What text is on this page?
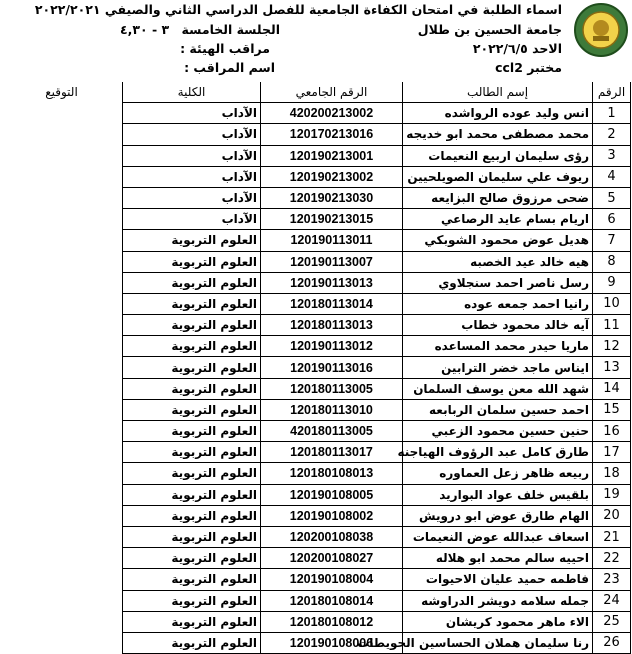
اسماء الطلبة في امتحان الكفاءة الجامعية للفصل الدراسي الثاني والصيفي ٢٠٢٢/٢٠٢١
جامعة الحسين بن طلال
الاحد ٢٠٢٢/٦/٥
مختبر ccl2
الجلسة الخامسة
٣ - ٤,٣٠
مراقب الهيئة :
اسم المراقب :
الرقم	إسم الطالب	الرقم الجامعي	الكلية	التوقيع
1	انس وليد عوده الرواشده	420200213002	الآداب	
2	محمد مصطفى محمد ابو خديجه	120170213016	الآداب	
3	رؤى سليمان اربيع النعيمات	120190213001	الآداب	
4	ريوف علي سليمان الصويلحيين	120190213002	الآداب	
5	ضحى مرزوق صالح البزايعه	120190213030	الآداب	
6	اريام بسام عايد الرصاعي	120190213015	الآداب	
7	هديل عوض محمود الشوبكي	120190113011	العلوم التربوية	
8	هيه خالد عيد الخصبه	120190113007	العلوم التربوية	
9	رسل ناصر احمد سنجلاوي	120190113013	العلوم التربوية	
10	رانيا احمد جمعه عوده	120180113014	العلوم التربوية	
11	آيه خالد محمود خطاب	120180113013	العلوم التربوية	
12	ماريا حيدر محمد المساعده	120190113012	العلوم التربوية	
13	ايناس ماجد خضر الترابين	120190113016	العلوم التربوية	
14	شهد الله معن يوسف السلمان	120180113005	العلوم التربوية	
15	احمد حسين سلمان الربابعه	120180113010	العلوم التربوية	
16	حنين حسين محمود الزعبي	420180113005	العلوم التربوية	
17	طارق كامل عبد الرؤوف الهياجنه	120180113017	العلوم التربوية	
18	ربيعه ظاهر زعل العماوره	120180108013	العلوم التربوية	
19	بلقيس خلف عواد البواريد	120190108005	العلوم التربوية	
20	الهام طارق عوض ابو درويش	120190108002	العلوم التربوية	
21	اسعاف عبدالله عوض النعيمات	120200108038	العلوم التربوية	
22	احييه سالم محمد ابو هلاله	120200108027	العلوم التربوية	
23	فاطمه حميد عليان الاحيوات	120190108004	العلوم التربوية	
24	جمله سلامه دويشر الدراوشه	120180108014	العلوم التربوية	
25	الاء ماهر محمود كريشان	120180108012	العلوم التربوية	
26	رنا سليمان هملان الحساسين الحويطات	120190108006	العلوم التربوية	
